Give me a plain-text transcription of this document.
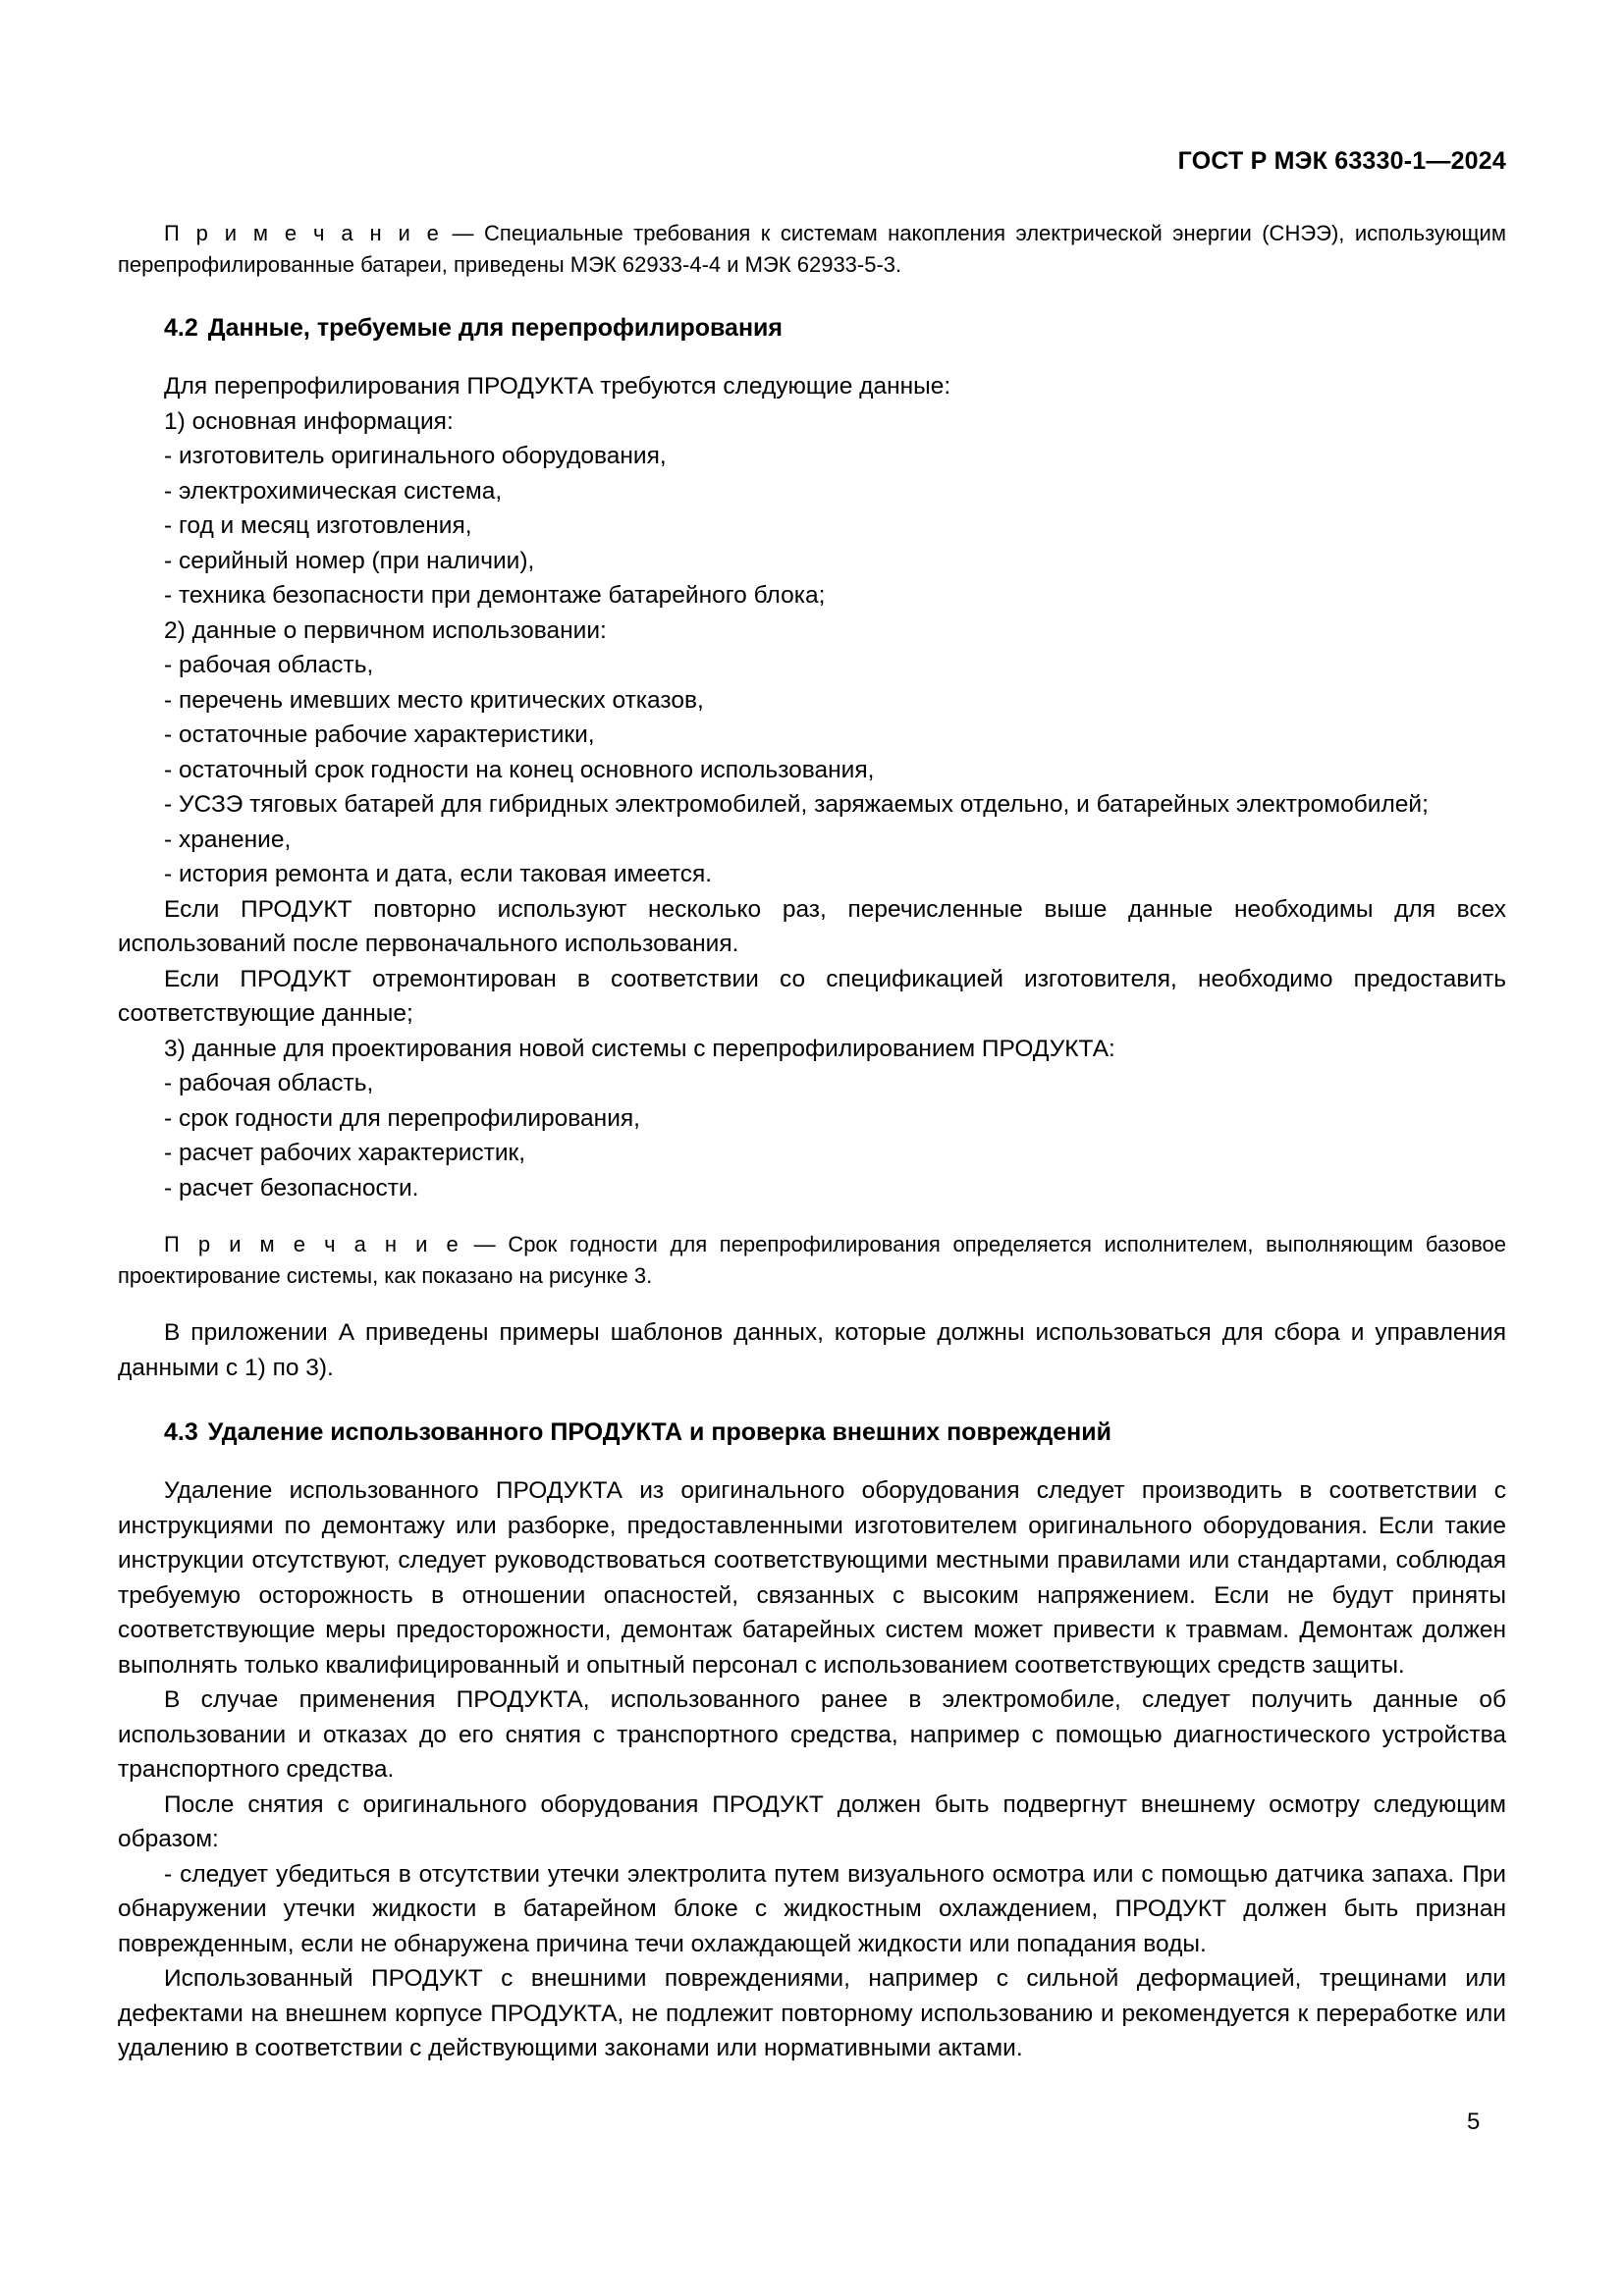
ГОСТ Р МЭК 63330-1—2024

П р и м е ч а н и е — Специальные требования к системам накопления электрической энергии (СНЭЭ), использующим перепрофилированные батареи, приведены МЭК 62933-4-4 и МЭК 62933-5-3.

4.2 Данные, требуемые для перепрофилирования

Для перепрофилирования ПРОДУКТА требуются следующие данные:

1) основная информация:

- изготовитель оригинального оборудования,

- электрохимическая система,

- год и месяц изготовления,

- серийный номер (при наличии),

- техника безопасности при демонтаже батарейного блока;

2) данные о первичном использовании:

- рабочая область,

- перечень имевших место критических отказов,

- остаточные рабочие характеристики,

- остаточный срок годности на конец основного использования,

- УСЗЭ тяговых батарей для гибридных электромобилей, заряжаемых отдельно, и батарейных электромобилей;

- хранение,

- история ремонта и дата, если таковая имеется.

Если ПРОДУКТ повторно используют несколько раз, перечисленные выше данные необходимы для всех использований после первоначального использования.

Если ПРОДУКТ отремонтирован в соответствии со спецификацией изготовителя, необходимо предоставить соответствующие данные;

3) данные для проектирования новой системы с перепрофилированием ПРОДУКТА:

- рабочая область,

- срок годности для перепрофилирования,

- расчет рабочих характеристик,

- расчет безопасности.

П р и м е ч а н и е — Срок годности для перепрофилирования определяется исполнителем, выполняющим базовое проектирование системы, как показано на рисунке 3.

В приложении А приведены примеры шаблонов данных, которые должны использоваться для сбора и управления данными с 1) по 3).

4.3 Удаление использованного ПРОДУКТА и проверка внешних повреждений

Удаление использованного ПРОДУКТА из оригинального оборудования следует производить в соответствии с инструкциями по демонтажу или разборке, предоставленными изготовителем оригинального оборудования. Если такие инструкции отсутствуют, следует руководствоваться соответствующими местными правилами или стандартами, соблюдая требуемую осторожность в отношении опасностей, связанных с высоким напряжением. Если не будут приняты соответствующие меры предосторожности, демонтаж батарейных систем может привести к травмам. Демонтаж должен выполнять только квалифицированный и опытный персонал с использованием соответствующих средств защиты.

В случае применения ПРОДУКТА, использованного ранее в электромобиле, следует получить данные об использовании и отказах до его снятия с транспортного средства, например с помощью диагностического устройства транспортного средства.

После снятия с оригинального оборудования ПРОДУКТ должен быть подвергнут внешнему осмотру следующим образом:

- следует убедиться в отсутствии утечки электролита путем визуального осмотра или с помощью датчика запаха. При обнаружении утечки жидкости в батарейном блоке с жидкостным охлаждением, ПРОДУКТ должен быть признан поврежденным, если не обнаружена причина течи охлаждающей жидкости или попадания воды.

Использованный ПРОДУКТ с внешними повреждениями, например с сильной деформацией, трещинами или дефектами на внешнем корпусе ПРОДУКТА, не подлежит повторному использованию и рекомендуется к переработке или удалению в соответствии с действующими законами или нормативными актами.

5
